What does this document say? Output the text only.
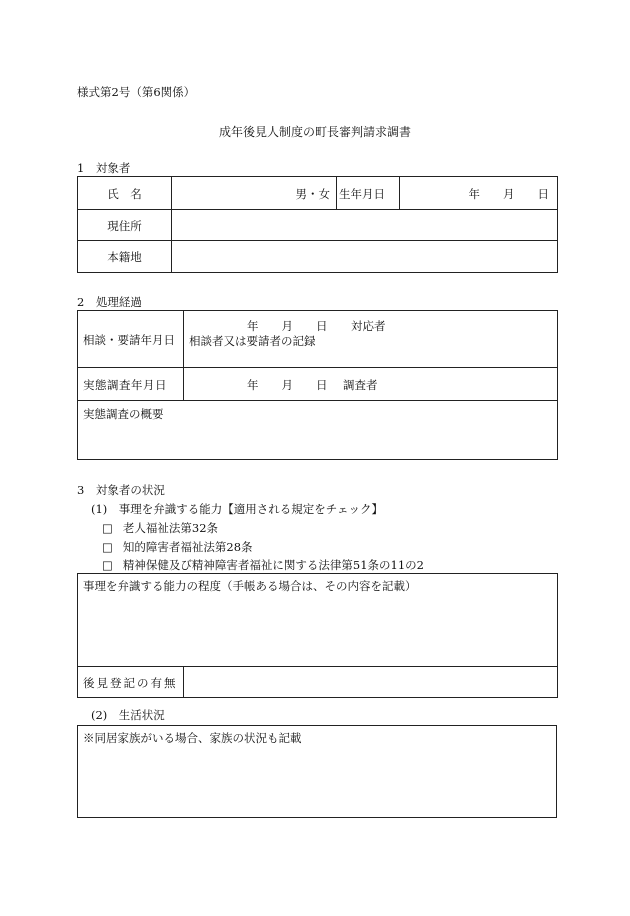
様式第2号（第6関係）
成年後見人制度の町長審判請求調書
1　対象者
氏　名	男・女	生年月日	年　　月　　日

現住所			

本籍地			

2　処理経過
相談・要請年月日	年　　月　　日 対応者
相談者又は要請者の記録

実態調査年月日	年　　月　　日 調査者

実態調査の概要	
3　対象者の状況
(1)　事理を弁識する能力【適用される規定をチェック】
□ 老人福祉法第32条
□ 知的障害者福祉法第28条
□ 精神保健及び精神障害者福祉に関する法律第51条の11の2
事理を弁識する能力の程度（手帳ある場合は、その内容を記載）

後見登記の有無

(2)　生活状況
※同居家族がいる場合、家族の状況も記載
